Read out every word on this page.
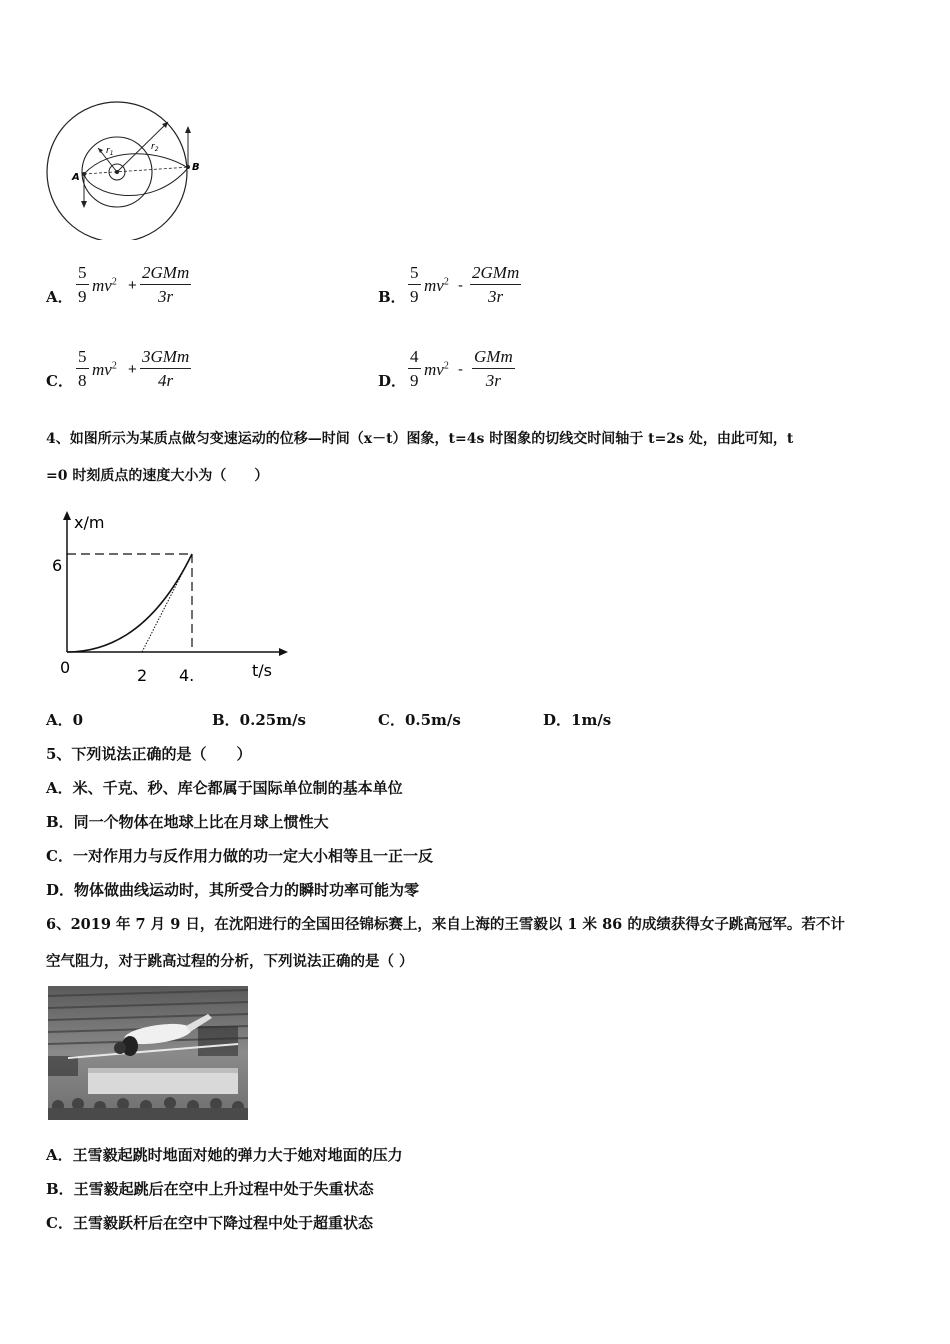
$r_1$
$r_2$
A
B
A． $\frac{5}{9} mv^2$ +
2GMm
3r	B． $\frac{5}{9} mv^2$ -
2GMm
3r
C． $\frac{5}{8} mv^2$ +
3GMm
4r	D． $\frac{4}{9} mv^2$ -
GMm
3r
4、如图所示为某质点做匀变速运动的位移—时间（x－t）图象，t=4s 时图象的切线交时间轴于 t=2s 处，由此可知，t
=0 时刻质点的速度大小为（　　）
x/m
6
0	2 4.	t/s
A．0	B．0.25m/s	C．0.5m/s	D．1m/s
5、下列说法正确的是（　　）
A．米、千克、秒、库仑都属于国际单位制的基本单位
B．同一个物体在地球上比在月球上惯性大
C．一对作用力与反作用力做的功一定大小相等且一正一反
D．物体做曲线运动时，其所受合力的瞬时功率可能为零
6、2019 年 7 月 9 日，在沈阳进行的全国田径锦标赛上，来自上海的王雪毅以 1 米 86 的成绩获得女子跳高冠军。若不计
空气阻力，对于跳高过程的分析，下列说法正确的是（ ）
A．王雪毅起跳时地面对她的弹力大于她对地面的压力
B．王雪毅起跳后在空中上升过程中处于失重状态
C．王雪毅跃杆后在空中下降过程中处于超重状态
